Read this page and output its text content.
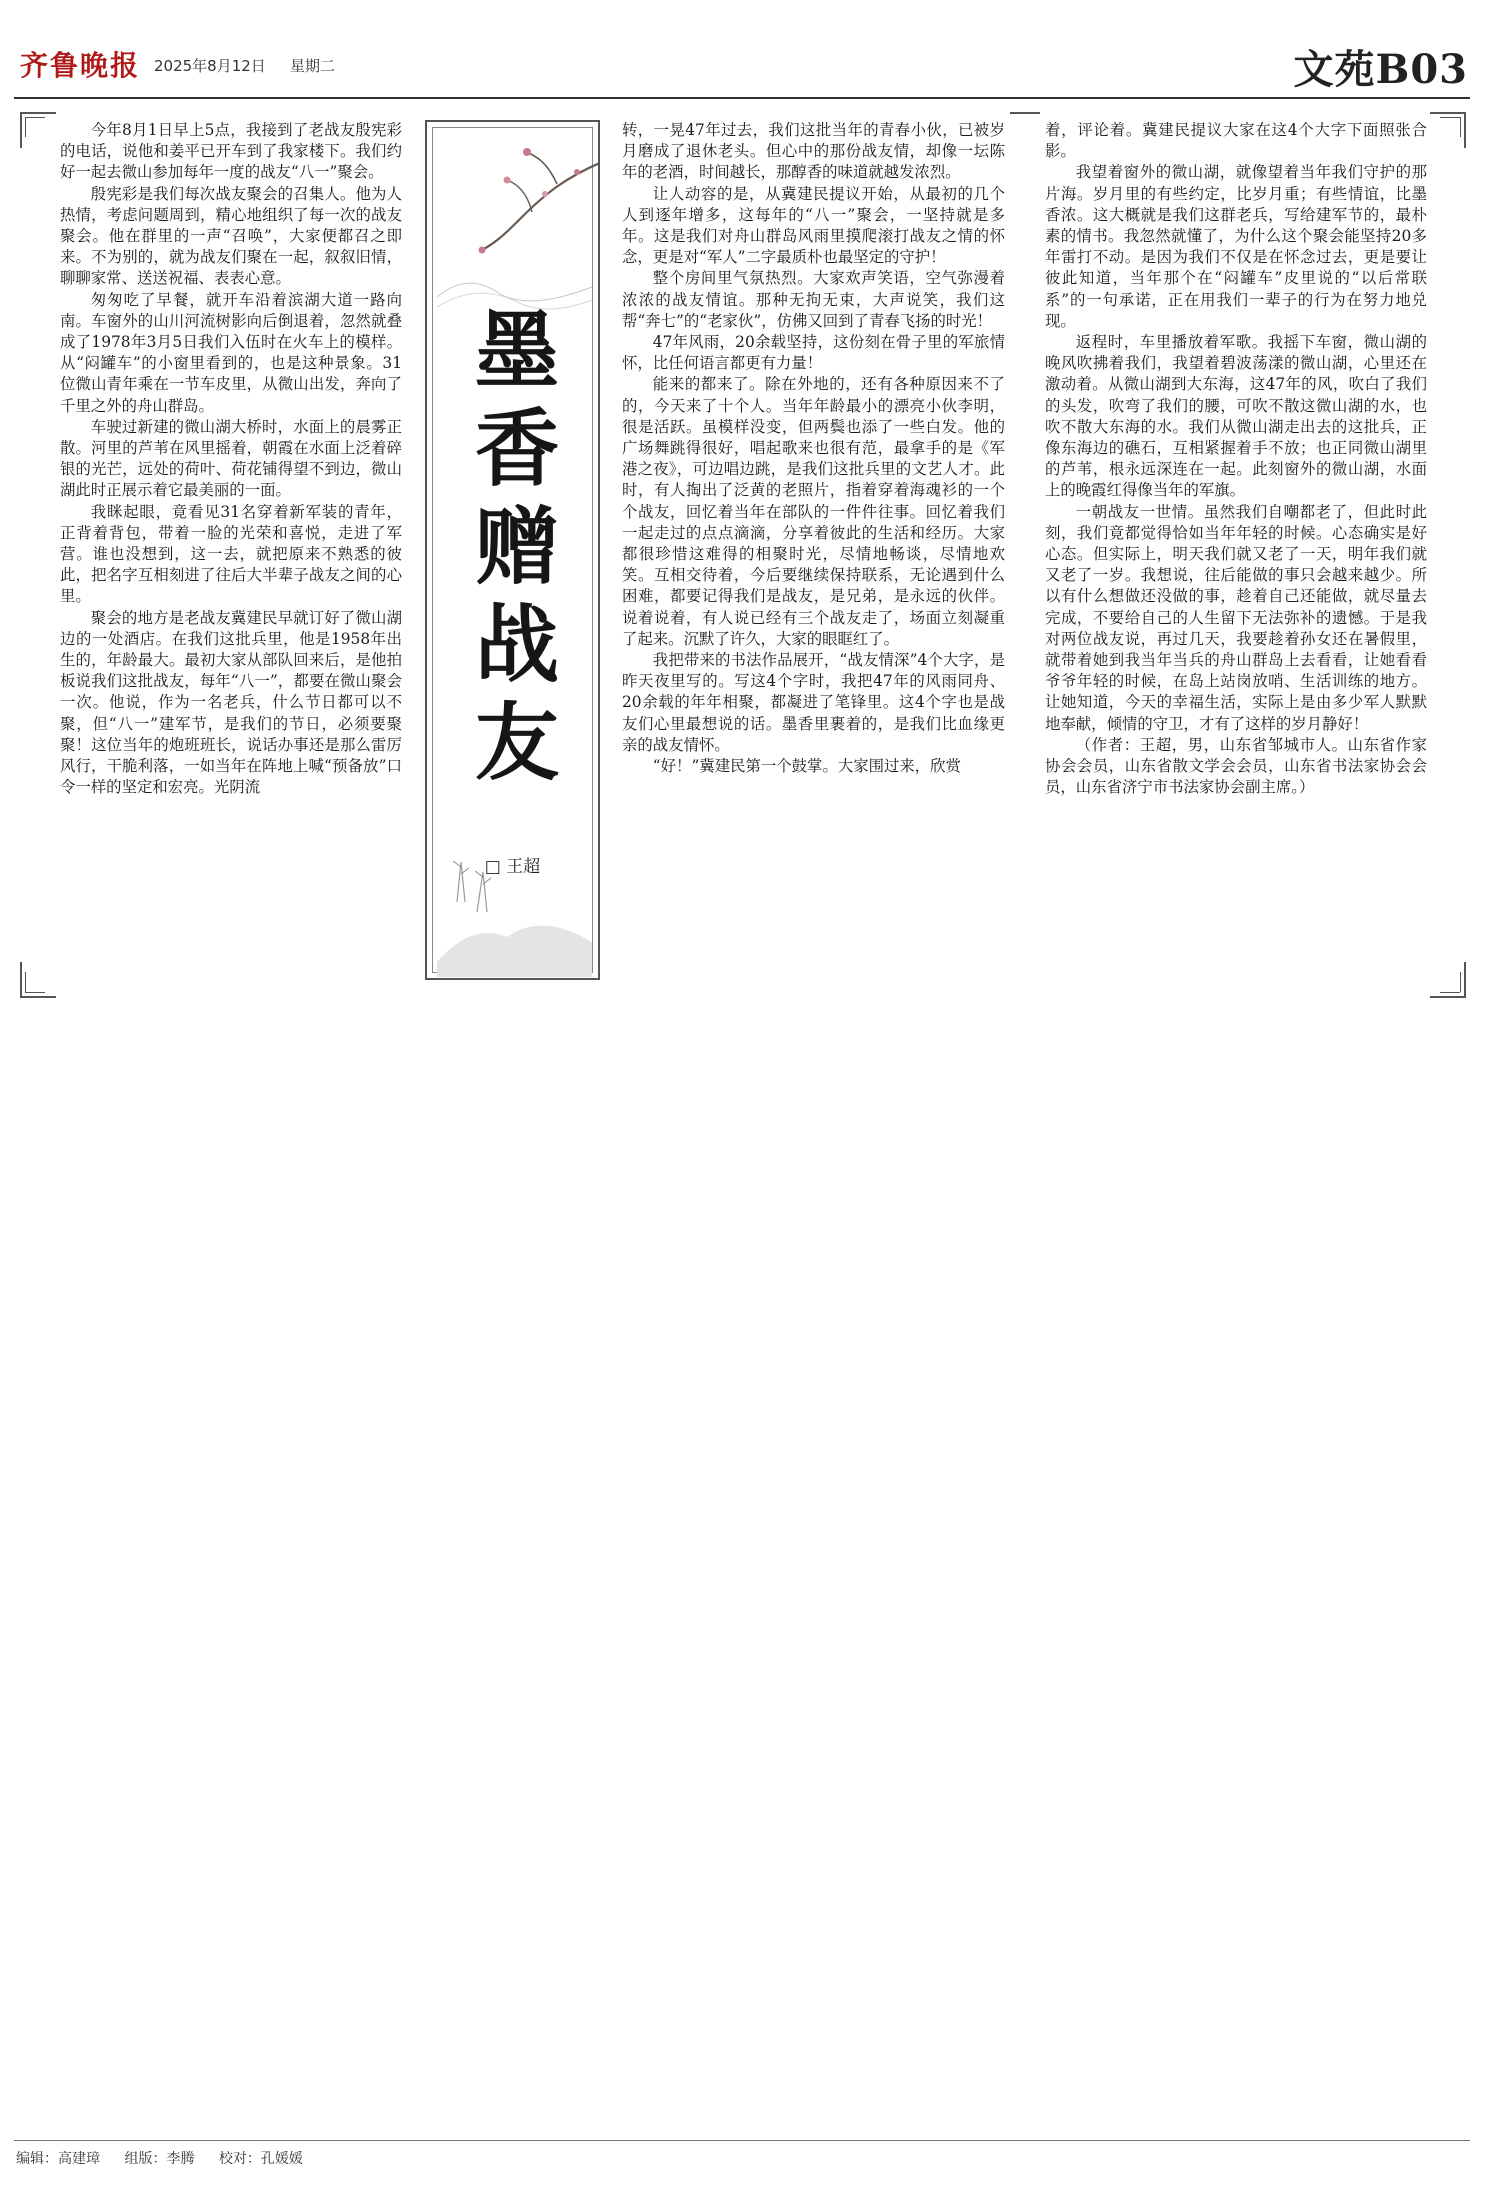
齐鲁晚报 2025年8月12日 星期二	文苑B03

今年8月1日早上5点，我接到了老战友殷宪彩的电话，说他和姜平已开车到了我家楼下。我们约好一起去微山参加每年一度的战友“八一”聚会。

殷宪彩是我们每次战友聚会的召集人。他为人热情，考虑问题周到，精心地组织了每一次的战友聚会。他在群里的一声“召唤”，大家便都召之即来。不为别的，就为战友们聚在一起，叙叙旧情，聊聊家常、送送祝福、表表心意。

匆匆吃了早餐，就开车沿着滨湖大道一路向南。车窗外的山川河流树影向后倒退着，忽然就叠成了1978年3月5日我们入伍时在火车上的模样。从“闷罐车”的小窗里看到的，也是这种景象。31位微山青年乘在一节车皮里，从微山出发，奔向了千里之外的舟山群岛。

车驶过新建的微山湖大桥时，水面上的晨雾正散。河里的芦苇在风里摇着，朝霞在水面上泛着碎银的光芒，远处的荷叶、荷花铺得望不到边，微山湖此时正展示着它最美丽的一面。

我眯起眼，竟看见31名穿着新军装的青年，正背着背包，带着一脸的光荣和喜悦，走进了军营。谁也没想到，这一去，就把原来不熟悉的彼此，把名字互相刻进了往后大半辈子战友之间的心里。

聚会的地方是老战友冀建民早就订好了微山湖边的一处酒店。在我们这批兵里，他是1958年出生的，年龄最大。最初大家从部队回来后，是他拍板说我们这批战友，每年“八一”，都要在微山聚会一次。他说，作为一名老兵，什么节日都可以不聚，但“八一”建军节，是我们的节日，必须要聚聚！这位当年的炮班班长，说话办事还是那么雷厉风行，干脆利落，一如当年在阵地上喊“预备放”口令一样的坚定和宏亮。光阴流

墨
香
赠
战
友
□ 王超

转，一晃47年过去，我们这批当年的青春小伙，已被岁月磨成了退休老头。但心中的那份战友情，却像一坛陈年的老酒，时间越长，那醇香的味道就越发浓烈。

让人动容的是，从冀建民提议开始，从最初的几个人到逐年增多，这每年的“八一”聚会，一坚持就是多年。这是我们对舟山群岛风雨里摸爬滚打战友之情的怀念，更是对“军人”二字最质朴也最坚定的守护！

整个房间里气氛热烈。大家欢声笑语，空气弥漫着浓浓的战友情谊。那种无拘无束，大声说笑，我们这帮“奔七”的“老家伙”，仿佛又回到了青春飞扬的时光！

47年风雨，20余载坚持，这份刻在骨子里的军旅情怀，比任何语言都更有力量！

能来的都来了。除在外地的，还有各种原因来不了的，今天来了十个人。当年年龄最小的漂亮小伙李明，很是活跃。虽模样没变，但两鬓也添了一些白发。他的广场舞跳得很好，唱起歌来也很有范，最拿手的是《军港之夜》，可边唱边跳，是我们这批兵里的文艺人才。此时，有人掏出了泛黄的老照片，指着穿着海魂衫的一个个战友，回忆着当年在部队的一件件往事。回忆着我们一起走过的点点滴滴，分享着彼此的生活和经历。大家都很珍惜这难得的相聚时光，尽情地畅谈，尽情地欢笑。互相交待着，今后要继续保持联系，无论遇到什么困难，都要记得我们是战友，是兄弟，是永远的伙伴。说着说着，有人说已经有三个战友走了，场面立刻凝重了起来。沉默了许久，大家的眼眶红了。

我把带来的书法作品展开，“战友情深”4个大字，是昨天夜里写的。写这4个字时，我把47年的风雨同舟、20余载的年年相聚，都凝进了笔锋里。这4个字也是战友们心里最想说的话。墨香里裹着的，是我们比血缘更亲的战友情怀。

“好！”冀建民第一个鼓掌。大家围过来，欣赏

着，评论着。冀建民提议大家在这4个大字下面照张合影。

我望着窗外的微山湖，就像望着当年我们守护的那片海。岁月里的有些约定，比岁月重；有些情谊，比墨香浓。这大概就是我们这群老兵，写给建军节的，最朴素的情书。我忽然就懂了，为什么这个聚会能坚持20多年雷打不动。是因为我们不仅是在怀念过去，更是要让彼此知道，当年那个在“闷罐车”皮里说的“以后常联系”的一句承诺，正在用我们一辈子的行为在努力地兑现。

返程时，车里播放着军歌。我摇下车窗，微山湖的晚风吹拂着我们，我望着碧波荡漾的微山湖，心里还在激动着。从微山湖到大东海，这47年的风，吹白了我们的头发，吹弯了我们的腰，可吹不散这微山湖的水，也吹不散大东海的水。我们从微山湖走出去的这批兵，正像东海边的礁石，互相紧握着手不放；也正同微山湖里的芦苇，根永远深连在一起。此刻窗外的微山湖，水面上的晚霞红得像当年的军旗。

一朝战友一世情。虽然我们自嘲都老了，但此时此刻，我们竟都觉得恰如当年年轻的时候。心态确实是好心态。但实际上，明天我们就又老了一天，明年我们就又老了一岁。我想说，往后能做的事只会越来越少。所以有什么想做还没做的事，趁着自己还能做，就尽量去完成，不要给自己的人生留下无法弥补的遗憾。于是我对两位战友说，再过几天，我要趁着孙女还在暑假里，就带着她到我当年当兵的舟山群岛上去看看，让她看看爷爷年轻的时候，在岛上站岗放哨、生活训练的地方。让她知道，今天的幸福生活，实际上是由多少军人默默地奉献，倾情的守卫，才有了这样的岁月静好！

（作者：王超，男，山东省邹城市人。山东省作家协会会员，山东省散文学会会员，山东省书法家协会会员，山东省济宁市书法家协会副主席。）

编辑：高建璋 组版：李腾 校对：孔媛媛
